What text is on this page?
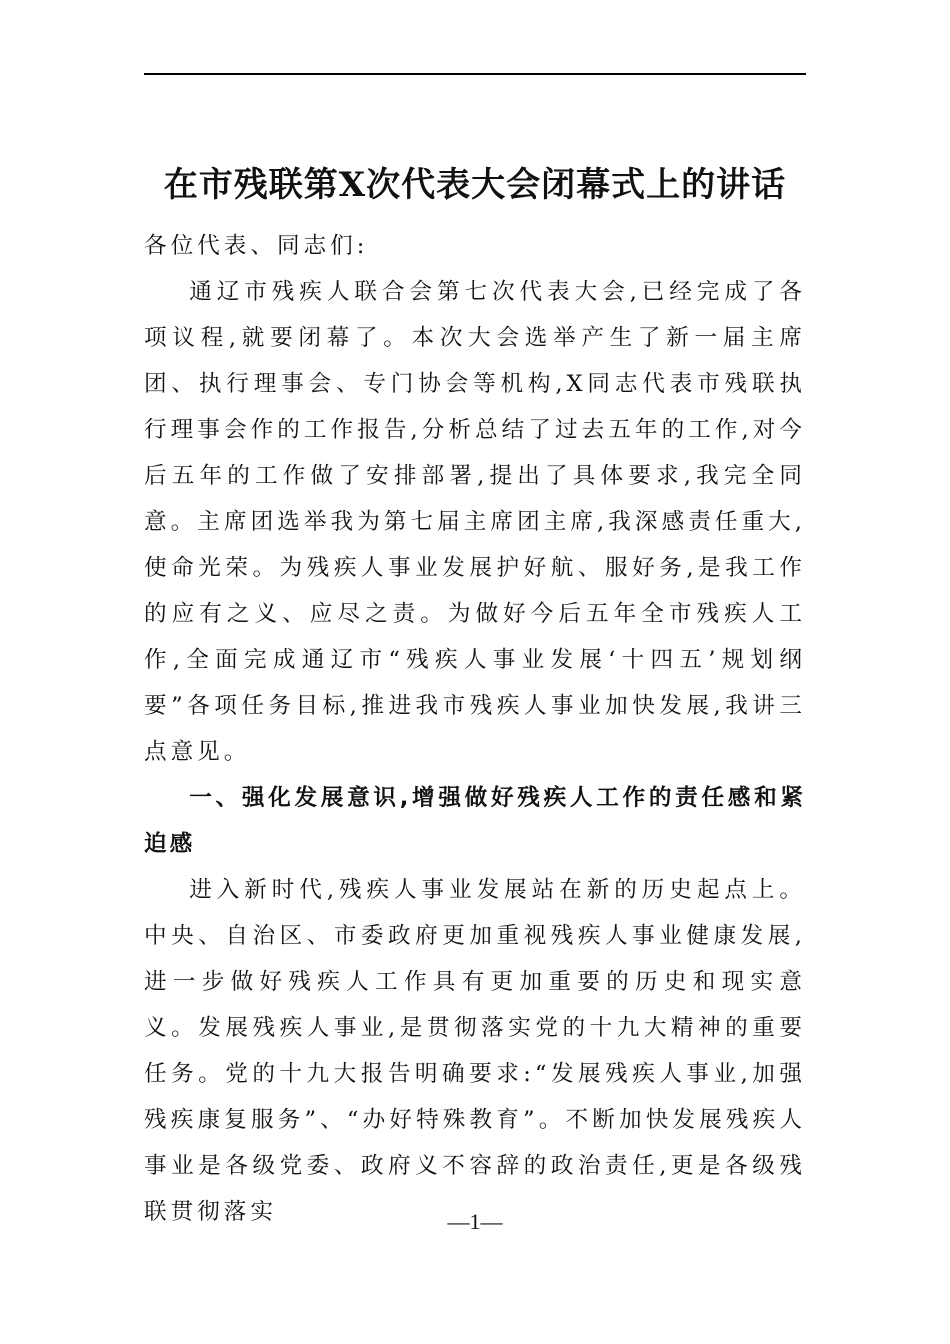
在市残联第X次代表大会闭幕式上的讲话

各位代表、同志们:

通辽市残疾人联合会第七次代表大会,已经完成了各项议程,就要闭幕了。本次大会选举产生了新一届主席团、执行理事会、专门协会等机构,X同志代表市残联执行理事会作的工作报告,分析总结了过去五年的工作,对今后五年的工作做了安排部署,提出了具体要求,我完全同意。主席团选举我为第七届主席团主席,我深感责任重大,使命光荣。为残疾人事业发展护好航、服好务,是我工作的应有之义、应尽之责。为做好今后五年全市残疾人工作,全面完成通辽市“残疾人事业发展‘十四五’规划纲要”各项任务目标,推进我市残疾人事业加快发展,我讲三点意见。

一、强化发展意识,增强做好残疾人工作的责任感和紧迫感

进入新时代,残疾人事业发展站在新的历史起点上。中央、自治区、市委政府更加重视残疾人事业健康发展,进一步做好残疾人工作具有更加重要的历史和现实意义。发展残疾人事业,是贯彻落实党的十九大精神的重要任务。党的十九大报告明确要求:“发展残疾人事业,加强残疾康复服务”、“办好特殊教育”。不断加快发展残疾人事业是各级党委、政府义不容辞的政治责任,更是各级残联贯彻落实	—1—
